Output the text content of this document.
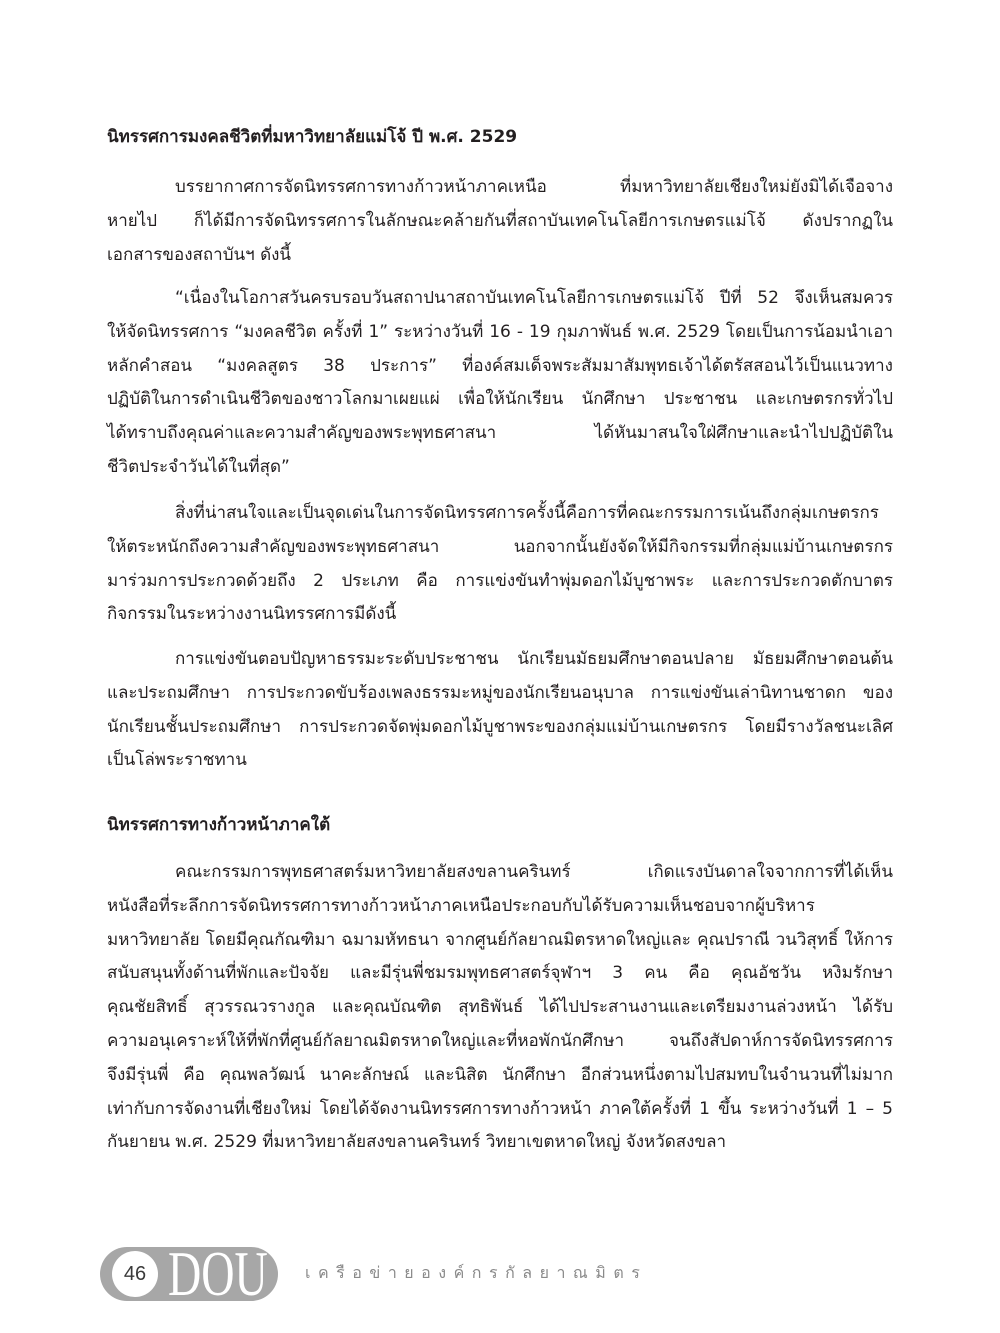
นิทรรศการมงคลชีวิตที่มหาวิทยาลัยแม่โจ้ ปี พ.ศ. 2529
บรรยากาศการจัดนิทรรศการทางก้าวหน้าภาคเหนือ ที่มหาวิทยาลัยเชียงใหม่ยังมิได้เจือจาง
หายไป ก็ได้มีการจัดนิทรรศการในลักษณะคล้ายกันที่สถาบันเทคโนโลยีการเกษตรแม่โจ้ ดังปรากฏใน
เอกสารของสถาบันฯ ดังนี้
“เนื่องในโอกาสวันครบรอบวันสถาปนาสถาบันเทคโนโลยีการเกษตรแม่โจ้ ปีที่ 52 จึงเห็นสมควร
ให้จัดนิทรรศการ “มงคลชีวิต ครั้งที่ 1” ระหว่างวันที่ 16 - 19 กุมภาพันธ์ พ.ศ. 2529 โดยเป็นการน้อมนำเอา
หลักคำสอน “มงคลสูตร 38 ประการ” ที่องค์สมเด็จพระสัมมาสัมพุทธเจ้าได้ตรัสสอนไว้เป็นแนวทาง
ปฏิบัติในการดำเนินชีวิตของชาวโลกมาเผยแผ่ เพื่อให้นักเรียน นักศึกษา ประชาชน และเกษตรกรทั่วไป
ได้ทราบถึงคุณค่าและความสำคัญของพระพุทธศาสนา ได้หันมาสนใจใฝ่ศึกษาและนำไปปฏิบัติใน
ชีวิตประจำวันได้ในที่สุด”
สิ่งที่น่าสนใจและเป็นจุดเด่นในการจัดนิทรรศการครั้งนี้คือการที่คณะกรรมการเน้นถึงกลุ่มเกษตรกร
ให้ตระหนักถึงความสำคัญของพระพุทธศาสนา นอกจากนั้นยังจัดให้มีกิจกรรมที่กลุ่มแม่บ้านเกษตรกร
มาร่วมการประกวดด้วยถึง 2 ประเภท คือ การแข่งขันทำพุ่มดอกไม้บูชาพระ และการประกวดตักบาตร
กิจกรรมในระหว่างงานนิทรรศการมีดังนี้
การแข่งขันตอบปัญหาธรรมะระดับประชาชน นักเรียนมัธยมศึกษาตอนปลาย มัธยมศึกษาตอนต้น
และประถมศึกษา การประกวดขับร้องเพลงธรรมะหมู่ของนักเรียนอนุบาล การแข่งขันเล่านิทานชาดก ของ
นักเรียนชั้นประถมศึกษา การประกวดจัดพุ่มดอกไม้บูชาพระของกลุ่มแม่บ้านเกษตรกร โดยมีรางวัลชนะเลิศ
เป็นโล่พระราชทาน
นิทรรศการทางก้าวหน้าภาคใต้
คณะกรรมการพุทธศาสตร์มหาวิทยาลัยสงขลานครินทร์ เกิดแรงบันดาลใจจากการที่ได้เห็น
หนังสือที่ระลึกการจัดนิทรรศการทางก้าวหน้าภาคเหนือประกอบกับได้รับความเห็นชอบจากผู้บริหาร
มหาวิทยาลัย โดยมีคุณกัณฑิมา ฉมามหัทธนา จากศูนย์กัลยาณมิตรหาดใหญ่และ คุณปราณี วนวิสุทธิ์ ให้การ
สนับสนุนทั้งด้านที่พักและปัจจัย และมีรุ่นพี่ชมรมพุทธศาสตร์จุฬาฯ 3 คน คือ คุณอัชวัน หงิมรักษา
คุณชัยสิทธิ์ สุวรรณวรางกูล และคุณบัณฑิต สุทธิพันธ์ ได้ไปประสานงานและเตรียมงานล่วงหน้า ได้รับ
ความอนุเคราะห์ให้ที่พักที่ศูนย์กัลยาณมิตรหาดใหญ่และที่หอพักนักศึกษา จนถึงสัปดาห์การจัดนิทรรศการ
จึงมีรุ่นพี่ คือ คุณพลวัฒน์ นาคะลักษณ์ และนิสิต นักศึกษา อีกส่วนหนึ่งตามไปสมทบในจำนวนที่ไม่มาก
เท่ากับการจัดงานที่เชียงใหม่ โดยได้จัดงานนิทรรศการทางก้าวหน้า ภาคใต้ครั้งที่ 1 ขึ้น ระหว่างวันที่ 1 – 5
กันยายน พ.ศ. 2529 ที่มหาวิทยาลัยสงขลานครินทร์ วิทยาเขตหาดใหญ่ จังหวัดสงขลา
46 DOU เครือข่ายองค์กรกัลยาณมิตร
